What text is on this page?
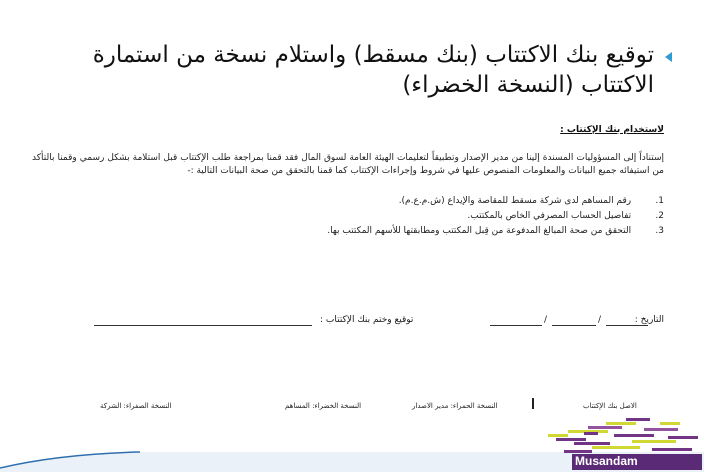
توقيع بنك الاكتتاب (بنك مسقط) واستلام نسخة من استمارة الاكتتاب (النسخة الخضراء)
لاستخدام بنك الإكتتاب :

إستناداً إلى المسؤوليات المسندة إلينا من مدير الإصدار وتطبيقاً لتعليمات الهيئة العامة لسوق المال فقد قمنا بمراجعة طلب الإكتتاب قبل استلامة بشكل رسمي وقمنا بالتأكد من استيفائه جميع البيانات والمعلومات المنصوص عليها في شروط وإجراءات الإكتتاب كما قمنا بالتحقق من صحة البيانات التالية :-

1. رقم المساهم لدى شركة مسقط للمقاصة والإيداع (ش.م.ع.م).
2. تفاصيل الحساب المصرفي الخاص بالمكتتب.
3. التحقق من صحة المبالغ المدفوعة من قِبل المكتتب ومطابقتها للأسهم المكتتب بها.
التاريخ :
/	/
توقيع وختم بنك الإكتتاب :
الاصل بنك الإكتتاب
النسخة الحمراء: مدير الاصدار
النسخة الخضراء: المساهم
النسخة الصفراء: الشركة
Musandam
